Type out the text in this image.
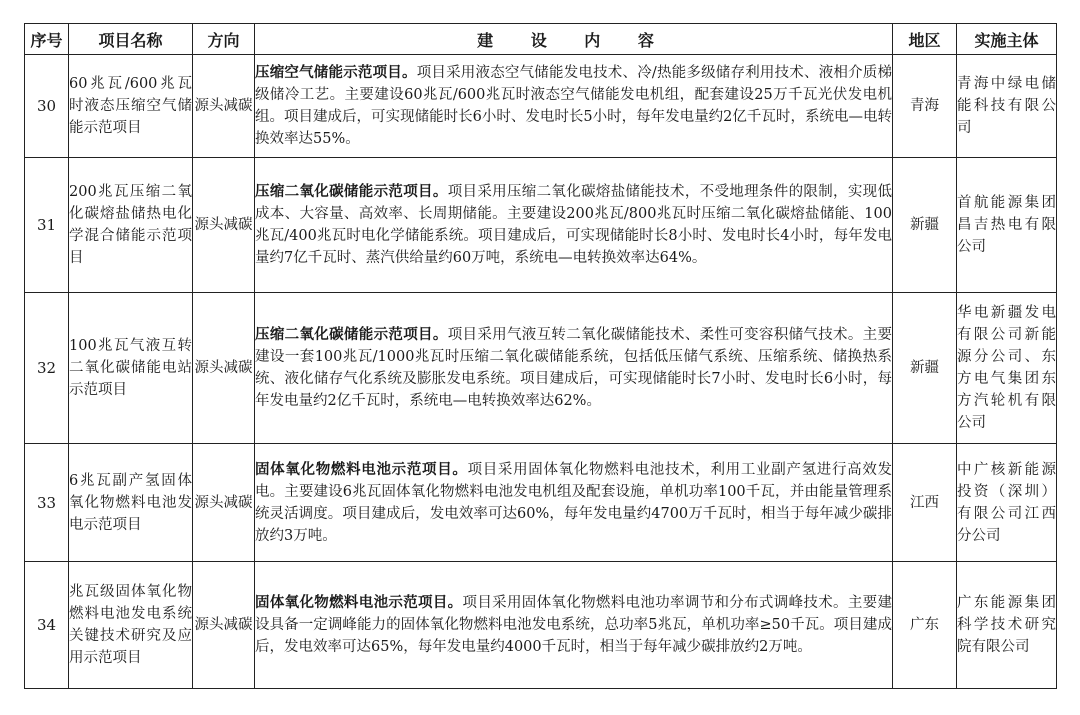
序号	项目名称	方向	建 设 内 容	地区	实施主体
30	60兆瓦/600兆瓦时液态压缩空气储能示范项目	源头减碳	压缩空气储能示范项目。项目采用液态空气储能发电技术、冷/热能多级储存利用技术、液相介质梯级储冷工艺。主要建设60兆瓦/600兆瓦时液态空气储能发电机组，配套建设25万千瓦光伏发电机组。项目建成后，可实现储能时长6小时、发电时长5小时，每年发电量约2亿千瓦时，系统电—电转换效率达55%。	青海	青海中绿电储能科技有限公司
31	200兆瓦压缩二氧化碳熔盐储热电化学混合储能示范项目	源头减碳	压缩二氧化碳储能示范项目。项目采用压缩二氧化碳熔盐储能技术，不受地理条件的限制，实现低成本、大容量、高效率、长周期储能。主要建设200兆瓦/800兆瓦时压缩二氧化碳熔盐储能、100兆瓦/400兆瓦时电化学储能系统。项目建成后，可实现储能时长8小时、发电时长4小时，每年发电量约7亿千瓦时、蒸汽供给量约60万吨，系统电—电转换效率达64%。	新疆	首航能源集团昌吉热电有限公司
32	100兆瓦气液互转二氧化碳储能电站示范项目	源头减碳	压缩二氧化碳储能示范项目。项目采用气液互转二氧化碳储能技术、柔性可变容积储气技术。主要建设一套100兆瓦/1000兆瓦时压缩二氧化碳储能系统，包括低压储气系统、压缩系统、储换热系统、液化储存气化系统及膨胀发电系统。项目建成后，可实现储能时长7小时、发电时长6小时，每年发电量约2亿千瓦时，系统电—电转换效率达62%。	新疆	华电新疆发电有限公司新能源分公司、东方电气集团东方汽轮机有限公司
33	6兆瓦副产氢固体氧化物燃料电池发电示范项目	源头减碳	固体氧化物燃料电池示范项目。项目采用固体氧化物燃料电池技术，利用工业副产氢进行高效发电。主要建设6兆瓦固体氧化物燃料电池发电机组及配套设施，单机功率100千瓦，并由能量管理系统灵活调度。项目建成后，发电效率可达60%，每年发电量约4700万千瓦时，相当于每年减少碳排放约3万吨。	江西	中广核新能源投资（深圳）有限公司江西分公司
34	兆瓦级固体氧化物燃料电池发电系统关键技术研究及应用示范项目	源头减碳	固体氧化物燃料电池示范项目。项目采用固体氧化物燃料电池功率调节和分布式调峰技术。主要建设具备一定调峰能力的固体氧化物燃料电池发电系统，总功率5兆瓦，单机功率≥50千瓦。项目建成后，发电效率可达65%，每年发电量约4000千瓦时，相当于每年减少碳排放约2万吨。	广东	广东能源集团科学技术研究院有限公司
